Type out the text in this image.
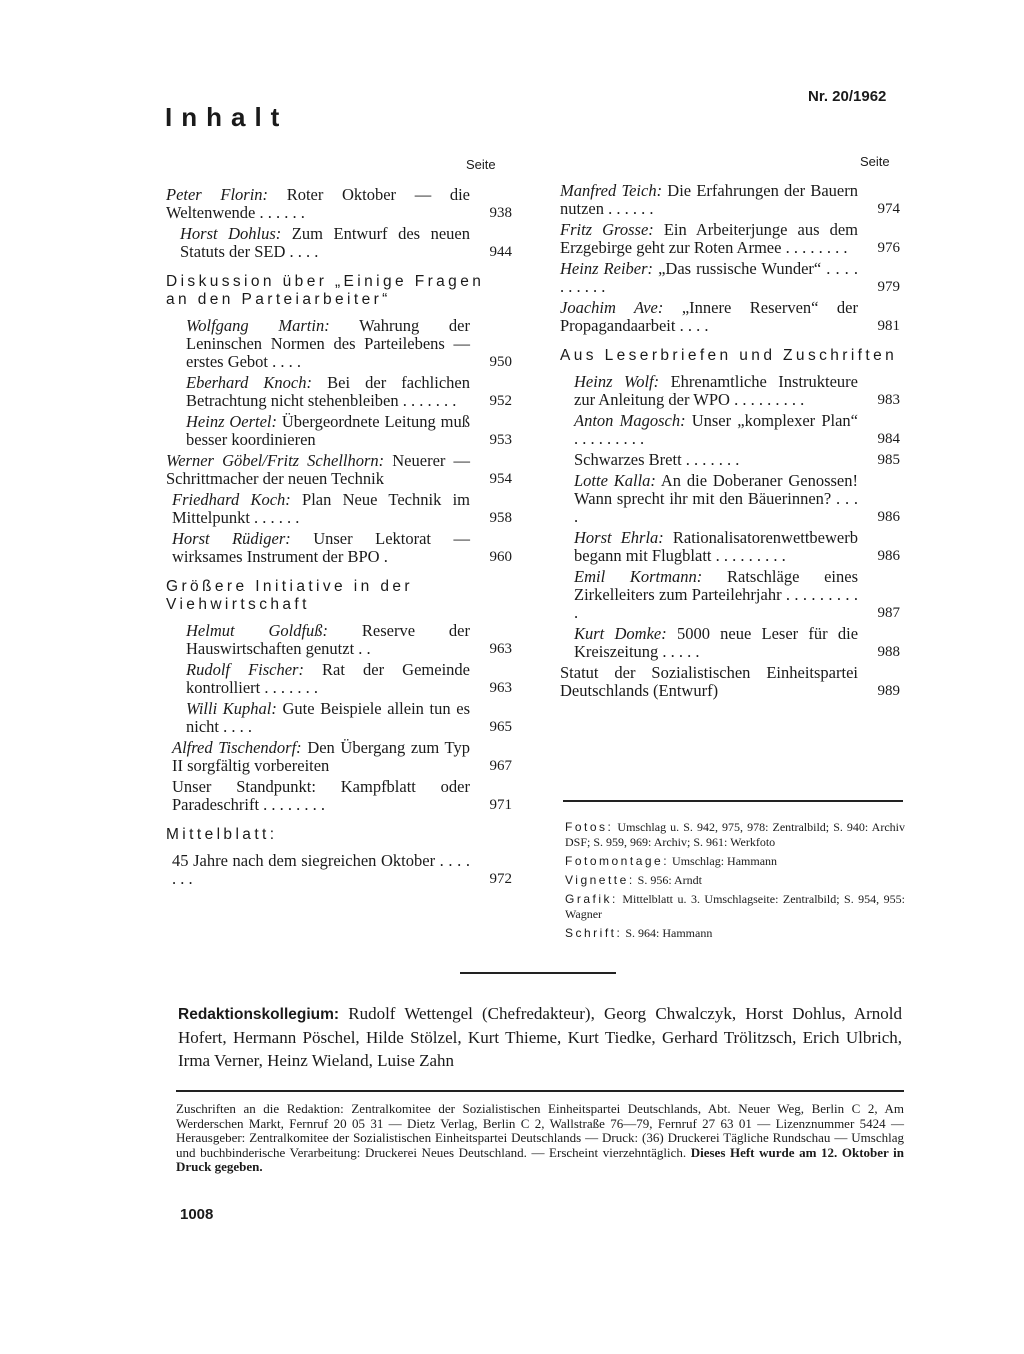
Inhalt
Nr. 20/1962
Seite	Seite
Peter Florin: Roter Oktober — die Weltenwende . . . . . .	938
Horst Dohlus: Zum Entwurf des neuen Statuts der SED . . . .	944
Diskussion über „Einige Fragen an den Parteiarbeiter“
Wolfgang Martin: Wahrung der Leninschen Normen des Parteilebens — erstes Gebot . . . .	950
Eberhard Knoch: Bei der fachlichen Betrachtung nicht stehenbleiben . . . . . . .	952
Heinz Oertel: Übergeordnete Leitung muß besser koordinieren	953
Werner Göbel/Fritz Schellhorn: Neuerer — Schrittmacher der neuen Technik	954
Friedhard Koch: Plan Neue Technik im Mittelpunkt . . . . . .	958
Horst Rüdiger: Unser Lektorat — wirksames Instrument der BPO .	960
Größere Initiative in der Viehwirtschaft
Helmut Goldfuß: Reserve der Hauswirtschaften genutzt . .	963
Rudolf Fischer: Rat der Gemeinde kontrolliert . . . . . . .	963
Willi Kuphal: Gute Beispiele allein tun es nicht . . . .	965
Alfred Tischendorf: Den Übergang zum Typ II sorgfältig vorbereiten	967
Unser Standpunkt: Kampfblatt oder Paradeschrift . . . . . . . .	971
Mittelblatt:
45 Jahre nach dem siegreichen Oktober . . . . . . .	972
Manfred Teich: Die Erfahrungen der Bauern nutzen . . . . . .	974
Fritz Grosse: Ein Arbeiterjunge aus dem Erzgebirge geht zur Roten Armee . . . . . . . .	976
Heinz Reiber: „Das russische Wunder“ . . . . . . . . . .	979
Joachim Ave: „Innere Reserven“ der Propagandaarbeit . . . .	981
Aus Leserbriefen und Zuschriften
Heinz Wolf: Ehrenamtliche Instrukteure zur Anleitung der WPO . . . . . . . . .	983
Anton Magosch: Unser „komplexer Plan“ . . . . . . . . .	984
Schwarzes Brett . . . . . . .	985
Lotte Kalla: An die Doberaner Genossen! Wann sprecht ihr mit den Bäuerinnen? . . . .	986
Horst Ehrla: Rationalisatorenwettbewerb begann mit Flugblatt . . . . . . . . .	986
Emil Kortmann: Ratschläge eines Zirkelleiters zum Parteilehrjahr . . . . . . . . . .	987
Kurt Domke: 5000 neue Leser für die Kreiszeitung . . . . .	988
Statut der Sozialistischen Einheitspartei Deutschlands (Entwurf)	989
Fotos: Umschlag u. S. 942, 975, 978: Zentralbild; S. 940: Archiv DSF; S. 959, 969: Archiv; S. 961: Werkfoto
Fotomontage: Umschlag: Hammann
Vignette: S. 956: Arndt
Grafik: Mittelblatt u. 3. Umschlagseite: Zentralbild; S. 954, 955: Wagner
Schrift: S. 964: Hammann
Redaktionskollegium: Rudolf Wettengel (Chefredakteur), Georg Chwalczyk, Horst Dohlus, Arnold Hofert, Hermann Pöschel, Hilde Stölzel, Kurt Thieme, Kurt Tiedke, Gerhard Trölitzsch, Erich Ulbrich, Irma Verner, Heinz Wieland, Luise Zahn
Zuschriften an die Redaktion: Zentralkomitee der Sozialistischen Einheitspartei Deutschlands, Abt. Neuer Weg, Berlin C 2, Am Werderschen Markt, Fernruf 20 05 31 — Dietz Verlag, Berlin C 2, Wallstraße 76—79, Fernruf 27 63 01 — Lizenznummer 5424 — Herausgeber: Zentralkomitee der Sozialistischen Einheitspartei Deutschlands — Druck: (36) Druckerei Tägliche Rundschau — Umschlag und buchbinderische Verarbeitung: Druckerei Neues Deutschland. — Erscheint vierzehntäglich. Dieses Heft wurde am 12. Oktober in Druck gegeben.
1008
